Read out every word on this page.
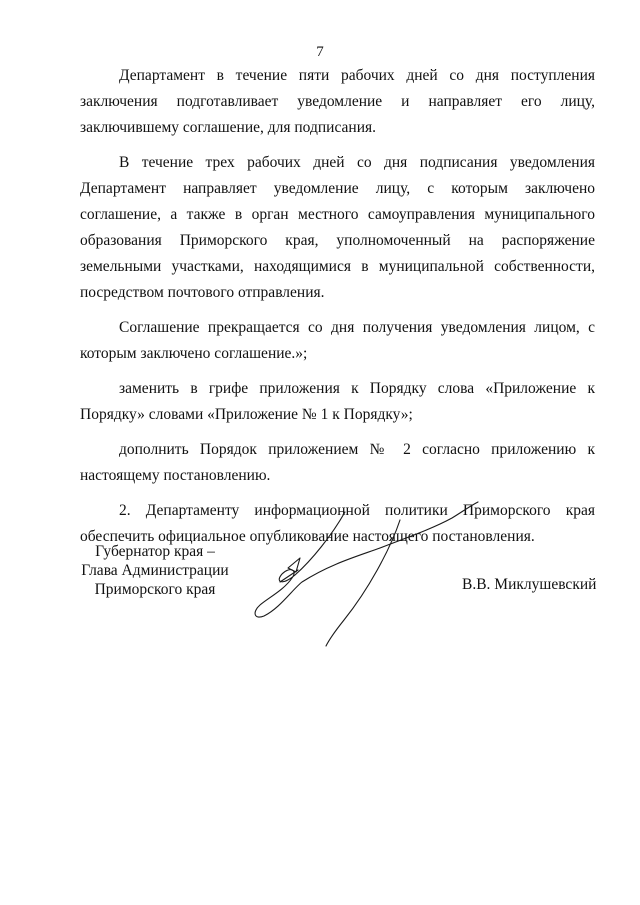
7

Департамент в течение пяти рабочих дней со дня поступления заключения подготавливает уведомление и направляет его лицу, заключившему соглашение, для подписания.

В течение трех рабочих дней со дня подписания уведомления Департамент направляет уведомление лицу, с которым заключено соглашение, а также в орган местного самоуправления муниципального образования Приморского края, уполномоченный на распоряжение земельными участками, находящимися в муниципальной собственности, посредством почтового отправления.

Соглашение прекращается со дня получения уведомления лицом, с которым заключено соглашение.»;

заменить в грифе приложения к Порядку слова «Приложение к Порядку» словами «Приложение № 1 к Порядку»;

дополнить Порядок приложением № 2 согласно приложению к настоящему постановлению.

2. Департаменту информационной политики Приморского края обеспечить официальное опубликование настоящего постановления.

Губернатор края –
Глава Администрации
Приморского края	В.В. Миклушевский
